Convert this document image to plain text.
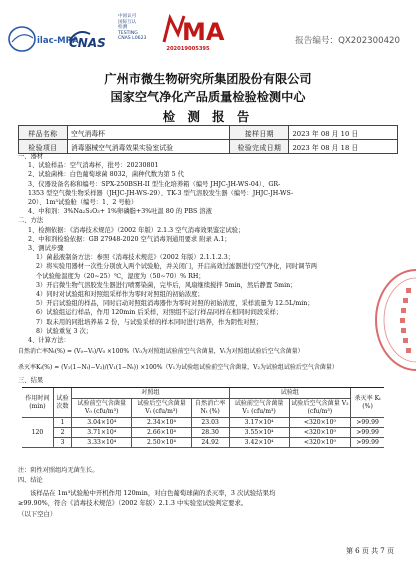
ilac-MRA
CNAS
中国认可
国际互认
检测
TESTING
CNAS L0623 MA
202019005395
报告编号：QX202300420
广州市微生物研究所集团股份有限公司
国家空气净化产品质量检验检测中心
检 测 报 告
样品名称	空气消毒杯	接样日期	2023 年 08 月 10 日
检验项目	消毒器械空气消毒效果实验室试验	检验完成日期	2023 年 08 月 18 日
一、器材
1、试验样品：空气消毒杯，批号：20230801
2、试验菌株：白色葡萄球菌 8032，菌种代数为第 5 代
3、仪器设备名称和编号：SPX-250BSH-II 型生化培养箱（编号 JHJC-JH-WS-04）、GR-
1353 型空气微生物采样器（JHJC-JH-WS-29）、TK-3 型气溶胶发生器（编号：JHJC-JH-WS-
20）、1m³试验舱（编号：1、2 号舱）
4、中和剂：3%Na₂S₂O₃+ 1%卵磷脂+3%吐温 80 的 PBS 溶液
二、方法
1、检测依据：《消毒技术规范》（2002 年版）2.1.3 空气消毒效果鉴定试验；
2、中和剂检验依据：GB 27948-2020 空气消毒剂通用要求 附录 A.1；
3、测试步骤
1）菌悬液制备方法：参照《消毒技术规范》（2002 年版）2.1.1.2.3；
2）将实验用器材一次性分别放入两个试验舱，并关闭门，开启高效过滤器进行空气净化，同时调节两
个试验舱温度为（20~25）℃，湿度为（50~70）% RH；
3）开启微生物气溶胶发生器进行喷雾染菌，完毕后，风扇继续搅拌 5min，然后静置 5min；
4）同时对试验组和对照组采样作为零时对照组的初始浓度；
5）开启试验组的样品，同时启动对照组消毒器作为零时对照的初始浓度，采样流量为 12.5L/min；
6）试验组运行样品，作用 120min 后采样，对照组不运行样品同样在相同时间段采样；
7）取未用的同批培养基 2 份，与试验采样的样本同时进行培养，作为阴性对照；
8）试验重复 3 次；
4、计算方法：
自然消亡率Nₜ(%) = (V₀−Vₜ)/V₀ ×100%（V₀为对照组试验前空气含菌量，Vₜ为对照组试验后空气含菌量）
杀灭率Kₜ(%) = (V₁(1−Nₜ)−V₂)/(V₁(1−Nₜ)) ×100%（V₁为试验组试验前空气含菌量，V₂为试验组试验后空气含菌量）
三、结果
作用时间(min)	试验次数	对照组			试验组		杀灭率 Kₜ (%)
		试验前空气含菌量 V₀ (cfu/m³)	试验后空气含菌量 Vₜ (cfu/m³)	自然消亡率 Nₜ (%)	试验前空气含菌量 V₁ (cfu/m³)	试验后空气含菌量 V₂ (cfu/m³)	
120	1	3.04×10⁴	2.34×10⁴	23.03	3.17×10⁴	<320×10⁰	>99.99
	2	3.71×10⁴	2.66×10⁴	28.30	3.55×10⁴	<320×10⁰	>99.99
	3	3.33×10⁴	2.50×10⁴	24.92	3.42×10⁴	<320×10⁰	>99.99
注：阴性对照组均无菌生长。
四、结论
该样品在 1m³试验舱中开机作用 120min，对白色葡萄球菌的杀灭率，3 次试验结果均
≥99.90%，符合《消毒技术规范》（2002 年版）2.1.3 中实验室试验判定要求。
（以下空白）
第 6 页 共 7 页
